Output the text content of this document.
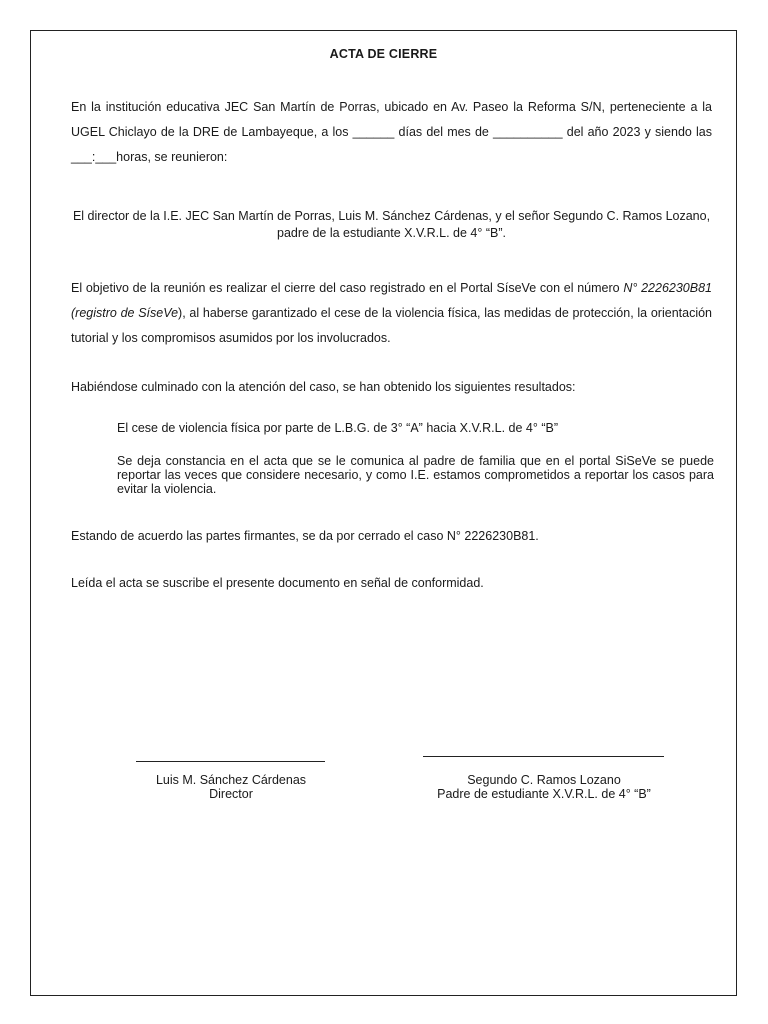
ACTA DE CIERRE
En la institución educativa JEC San Martín de Porras, ubicado en Av. Paseo la Reforma S/N, perteneciente a la UGEL Chiclayo de la DRE de Lambayeque, a los ______ días del mes de __________ del año 2023 y siendo las ___:___horas, se reunieron:
El director de la I.E. JEC San Martín de Porras, Luis M. Sánchez Cárdenas, y el señor Segundo C. Ramos Lozano, padre de la estudiante X.V.R.L. de 4° “B”.
El objetivo de la reunión es realizar el cierre del caso registrado en el Portal SíseVe con el número N° 2226230B81 (registro de SíseVe), al haberse garantizado el cese de la violencia física, las medidas de protección, la orientación tutorial y los compromisos asumidos por los involucrados.
Habiéndose culminado con la atención del caso, se han obtenido los siguientes resultados:
El cese de violencia física por parte de L.B.G. de 3° “A” hacia X.V.R.L. de 4° “B”
Se deja constancia en el acta que se le comunica al padre de familia que en el portal SiSeVe se puede reportar las veces que considere necesario, y como I.E. estamos comprometidos a reportar los casos para evitar la violencia.
Estando de acuerdo las partes firmantes, se da por cerrado el caso N° 2226230B81.
Leída el acta se suscribe el presente documento en señal de conformidad.
Luis M. Sánchez Cárdenas
Director
Segundo C. Ramos Lozano
Padre de estudiante X.V.R.L. de 4° “B”
